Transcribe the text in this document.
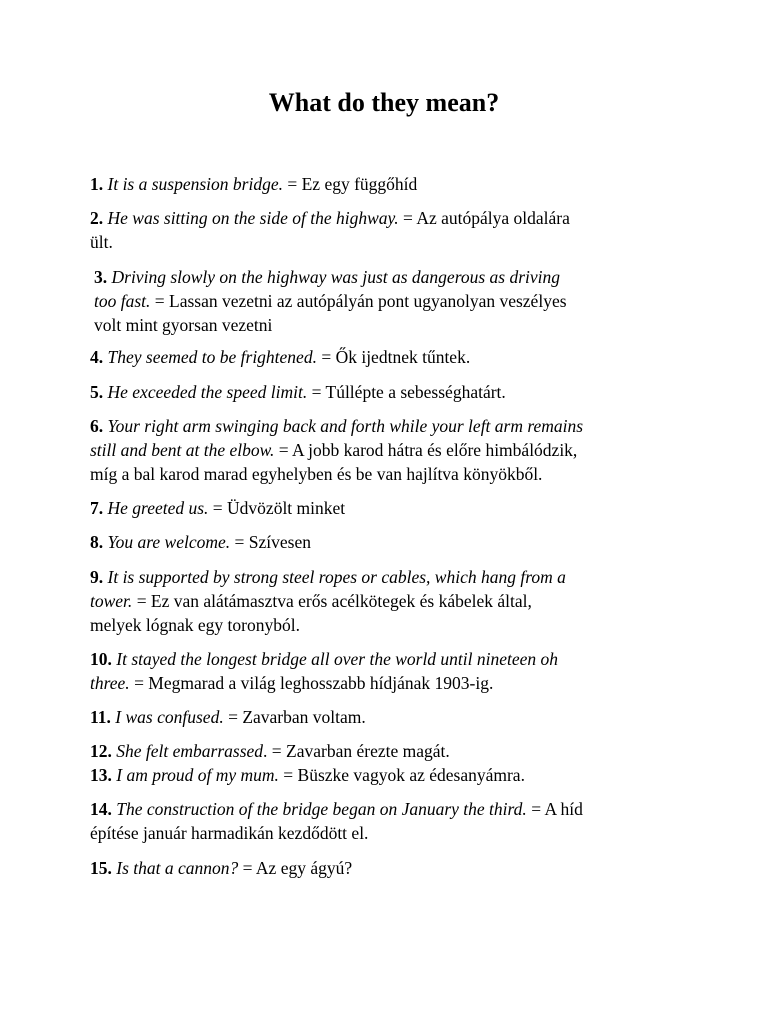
What do they mean?
1. It is a suspension bridge. = Ez egy függőhíd
2. He was sitting on the side of the highway. = Az autópálya oldalára
ült.
3. Driving slowly on the highway was just as dangerous as driving
too fast. = Lassan vezetni az autópályán pont ugyanolyan veszélyes
volt mint gyorsan vezetni
4. They seemed to be frightened. = Ők ijedtnek tűntek.
5. He exceeded the speed limit. = Túllépte a sebességhatárt.
6. Your right arm swinging back and forth while your left arm remains
still and bent at the elbow. = A jobb karod hátra és előre himbálódzik,
míg a bal karod marad egyhelyben és be van hajlítva könyökből.
7. He greeted us. = Üdvözölt minket
8. You are welcome. = Szívesen
9. It is supported by strong steel ropes or cables, which hang from a
tower. = Ez van alátámasztva erős acélkötegek és kábelek által,
melyek lógnak egy toronyból.
10. It stayed the longest bridge all over the world until nineteen oh
three. = Megmarad a világ leghosszabb hídjának 1903-ig.
11. I was confused. = Zavarban voltam.
12. She felt embarrassed. = Zavarban érezte magát.
13. I am proud of my mum. = Büszke vagyok az édesanyámra.
14. The construction of the bridge began on January the third. = A híd
építése január harmadikán kezdődött el.
15. Is that a cannon? = Az egy ágyú?
